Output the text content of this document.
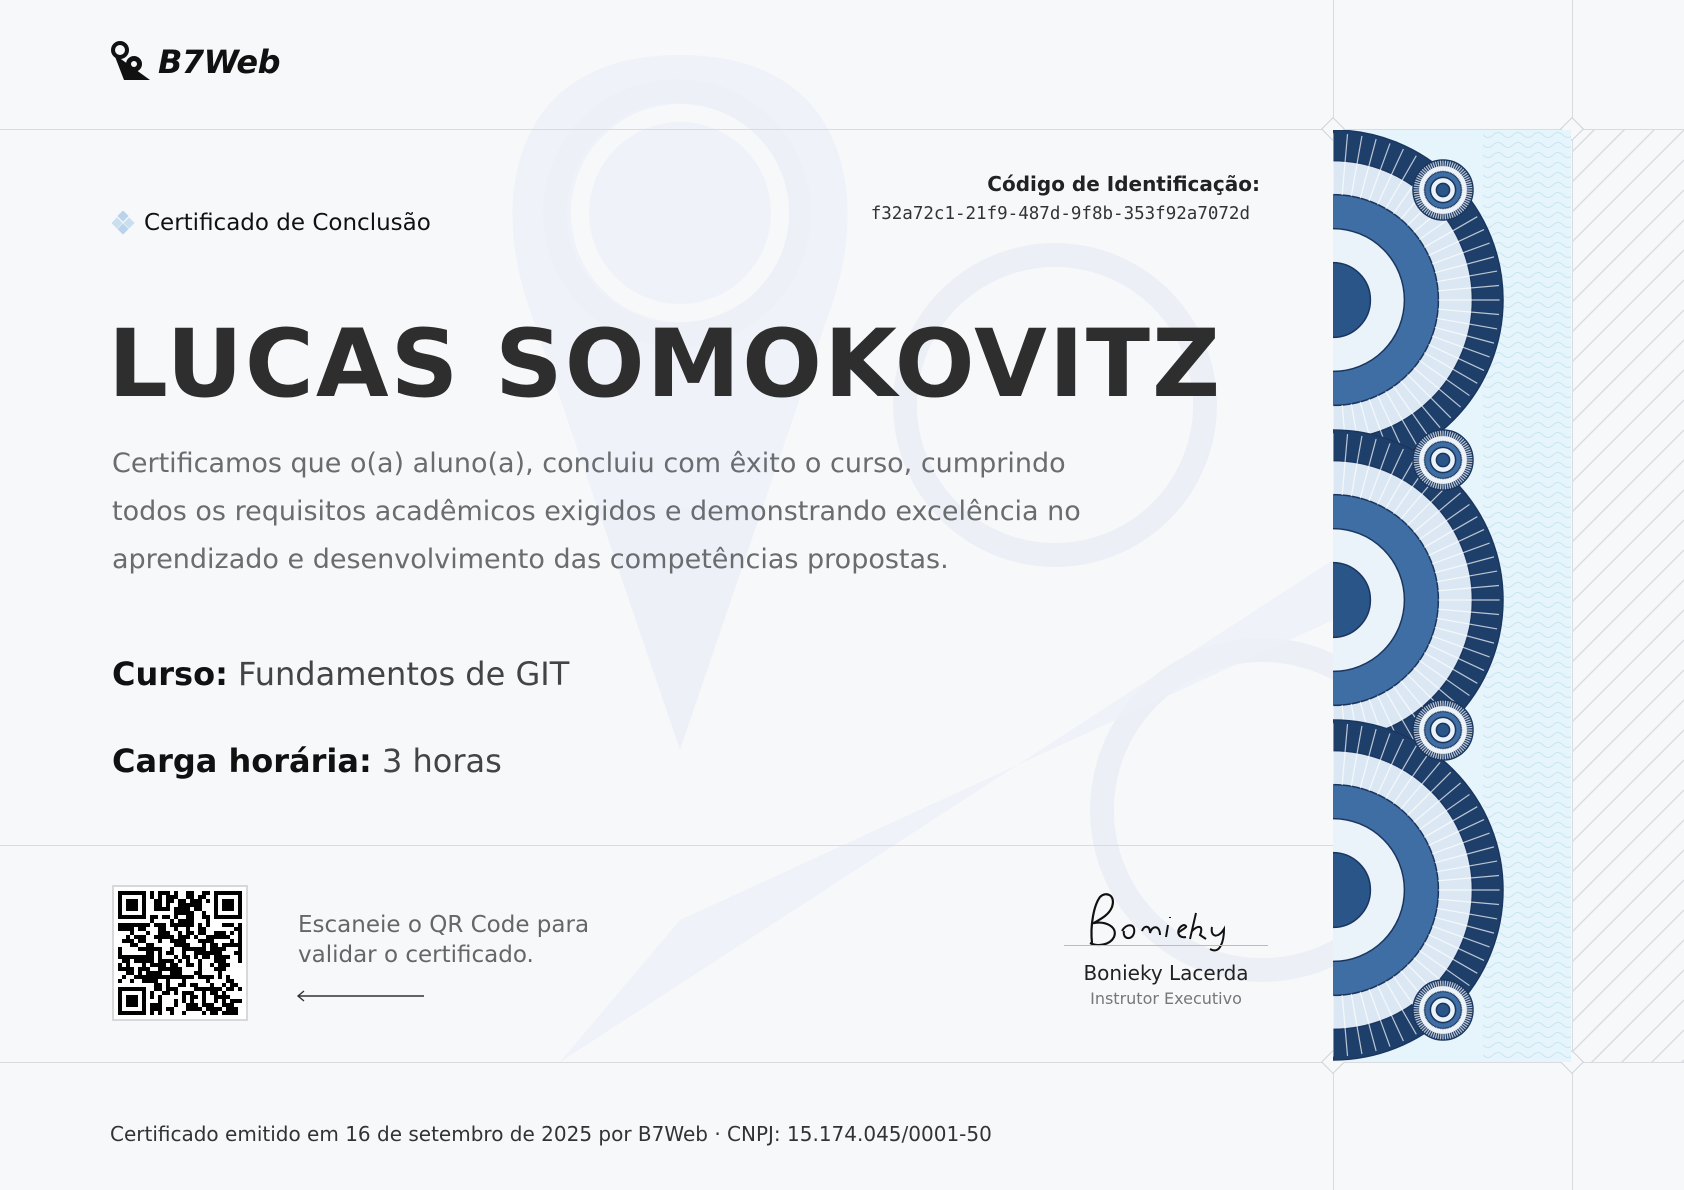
B7Web
Certificado de Conclusão
Código de Identificação:
f32a72c1-21f9-487d-9f8b-353f92a7072d
LUCAS SOMOKOVITZ
Certificamos que o(a) aluno(a), concluiu com êxito o curso, cumprindo todos os requisitos acadêmicos exigidos e demonstrando excelência no aprendizado e desenvolvimento das competências propostas.
Curso: Fundamentos de GIT
Carga horária: 3 horas
Escaneie o QR Code para validar o certificado.
Bonieky Lacerda
Instrutor Executivo
Certificado emitido em 16 de setembro de 2025 por B7Web · CNPJ: 15.174.045/0001-50
